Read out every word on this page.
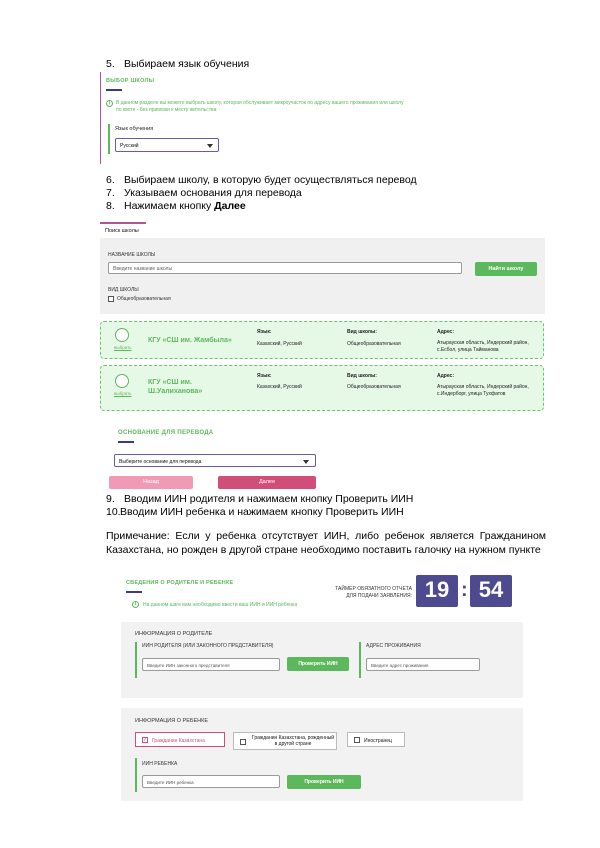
5. Выбираем язык обучения
ВЫБОР ШКОЛЫ
i	В данном разделе вы можете выбрать школу, которая обслуживает микроучасток по адресу вашего проживания или школу по квоте - без привязки к месту жительства
Язык обучения
Русский
6. Выбираем школу, в которую будет осуществляться перевод
7. Указываем основания для перевода
8. Нажимаем кнопку Далее
Поиск школы
НАЗВАНИЕ ШКОЛЫ
Введите название школы	Найти школу
ВИД ШКОЛЫ
Общеобразовательная
выбрать
КГУ «СШ им. Жамбыла»
Язык:
Казахский, Русский
Вид школы:
Общеобразовательная
Адрес:
Атырауская область, Индерский район, с.Есбол, улица Тайманова
выбрать
КГУ «СШ им. Ш.Уалиханова»
Язык:
Казахский, Русский
Вид школы:
Общеобразовательная
Адрес:
Атырауская область, Индерский район, с.Индерборг, улица Тухфатов
ОСНОВАНИЕ ДЛЯ ПЕРЕВОДА
Выберите основание для перевода
Назад	Далее
9. Вводим ИИН родителя и нажимаем кнопку Проверить ИИН
10.Вводим ИИН ребенка и нажимаем кнопку Проверить ИИН
Примечание: Если у ребенка отсутствует ИИН, либо ребенок является Гражданином Казахстана, но рожден в другой стране необходимо поставить галочку на нужном пункте
СВЕДЕНИЯ О РОДИТЕЛЕ И РЕБЕНКЕ
ТАЙМЕР ОБЯЗАТНОГО ОТЧЕТА ДЛЯ ПОДАЧИ ЗАЯВЛЕНИЯ: 19 : 54
i	На данном шаге вам необходимо ввести ваш ИИН и ИИН ребенка
ИНФОРМАЦИЯ О РОДИТЕЛЕ
ИИН РОДИТЕЛЯ (ИЛИ ЗАКОННОГО ПРЕДСТАВИТЕЛЯ)
Введите ИИН законного представителя	Проверить ИИН
АДРЕС ПРОЖИВАНИЯ
Введите адрес проживания
ИНФОРМАЦИЯ О РЕБЕНКЕ
✓ Гражданин Казахстана	Гражданин Казахстана, рожденный в другой стране
Иностранец
ИИН РЕБЕНКА
Введите ИИН ребенка	Проверить ИИН
